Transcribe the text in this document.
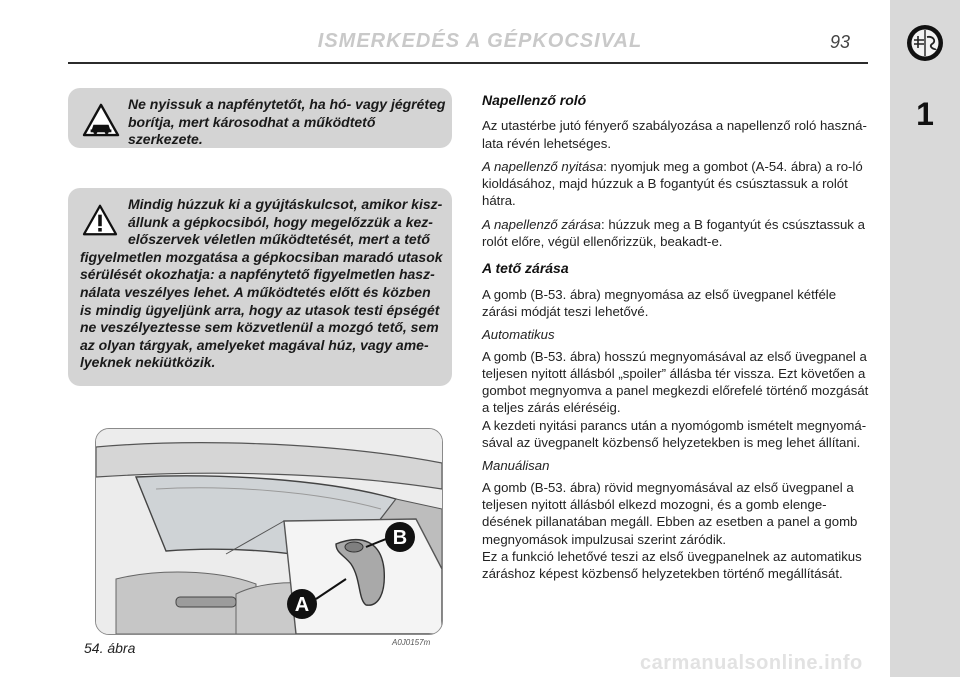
ISMERKEDÉS A GÉPKOCSIVAL	93
1
Ne nyissuk a napfénytetőt, ha hó- vagy jégréteg
borítja, mert károsodhat a működtető szerkezete.
Mindig húzzuk ki a gyújtáskulcsot, amikor kisz-
állunk a gépkocsiból, hogy megelőzzük a kez-
előszervek véletlen működtetését, mert a tető
figyelmetlen mozgatása a gépkocsiban maradó utasok
sérülését okozhatja: a napfénytető figyelmetlen hasz-
nálata veszélyes lehet. A működtetés előtt és közben
is mindig ügyeljünk arra, hogy az utasok testi épségét
ne veszélyeztesse sem közvetlenül a mozgó tető, sem
az olyan tárgyak, amelyeket magával húz, vagy ame-
lyeknek nekiütközik.
B
A
54. ábra	A0J0157m
Napellenző roló

Az utastérbe jutó fényerő szabályozása a napellenző roló haszná-lata révén lehetséges.

A napellenző nyitása: nyomjuk meg a gombot (A-54. ábra) a ro-ló kioldásához, majd húzzuk a B fogantyút és csúsztassuk a rolót hátra.

A napellenző zárása: húzzuk meg a B fogantyút és csúsztassuk a rolót előre, végül ellenőrizzük, beakadt-e.

A tető zárása

A gomb (B-53. ábra) megnyomása az első üvegpanel kétféle zárási módját teszi lehetővé.

Automatikus

A gomb (B-53. ábra) hosszú megnyomásával az első üvegpanel a teljesen nyitott állásból „spoiler” állásba tér vissza. Ezt követően a gombot megnyomva a panel megkezdi előrefelé történő mozgását a teljes zárás eléréséig.

A kezdeti nyitási parancs után a nyomógomb ismételt megnyomá-sával az üvegpanelt közbenső helyzetekben is meg lehet állítani.

Manuálisan

A gomb (B-53. ábra) rövid megnyomásával az első üvegpanel a teljesen nyitott állásból elkezd mozogni, és a gomb elenge-désének pillanatában megáll. Ebben az esetben a panel a gomb megnyomások impulzusai szerint záródik.

Ez a funkció lehetővé teszi az első üvegpanelnek az automatikus záráshoz képest közbenső helyzetekben történő megállítását.

carmanualsonline.info
